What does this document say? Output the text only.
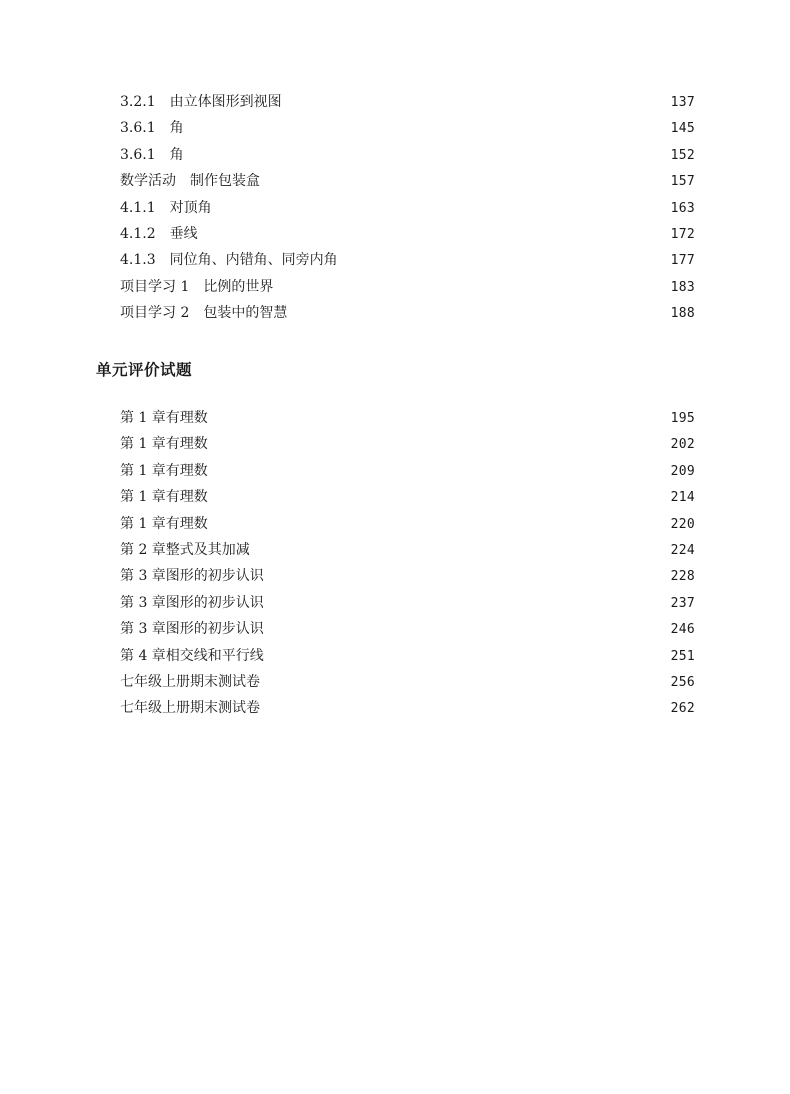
3.2.1　由立体图形到视图	137
3.6.1　角	145
3.6.1　角	152
数学活动　制作包装盒	157
4.1.1　对顶角	163
4.1.2　垂线	172
4.1.3　同位角、内错角、同旁内角	177
项目学习 1　比例的世界	183
项目学习 2　包装中的智慧	188
单元评价试题
第 1 章有理数	195
第 1 章有理数	202
第 1 章有理数	209
第 1 章有理数	214
第 1 章有理数	220
第 2 章整式及其加减	224
第 3 章图形的初步认识	228
第 3 章图形的初步认识	237
第 3 章图形的初步认识	246
第 4 章相交线和平行线	251
七年级上册期末测试卷	256
七年级上册期末测试卷	262
